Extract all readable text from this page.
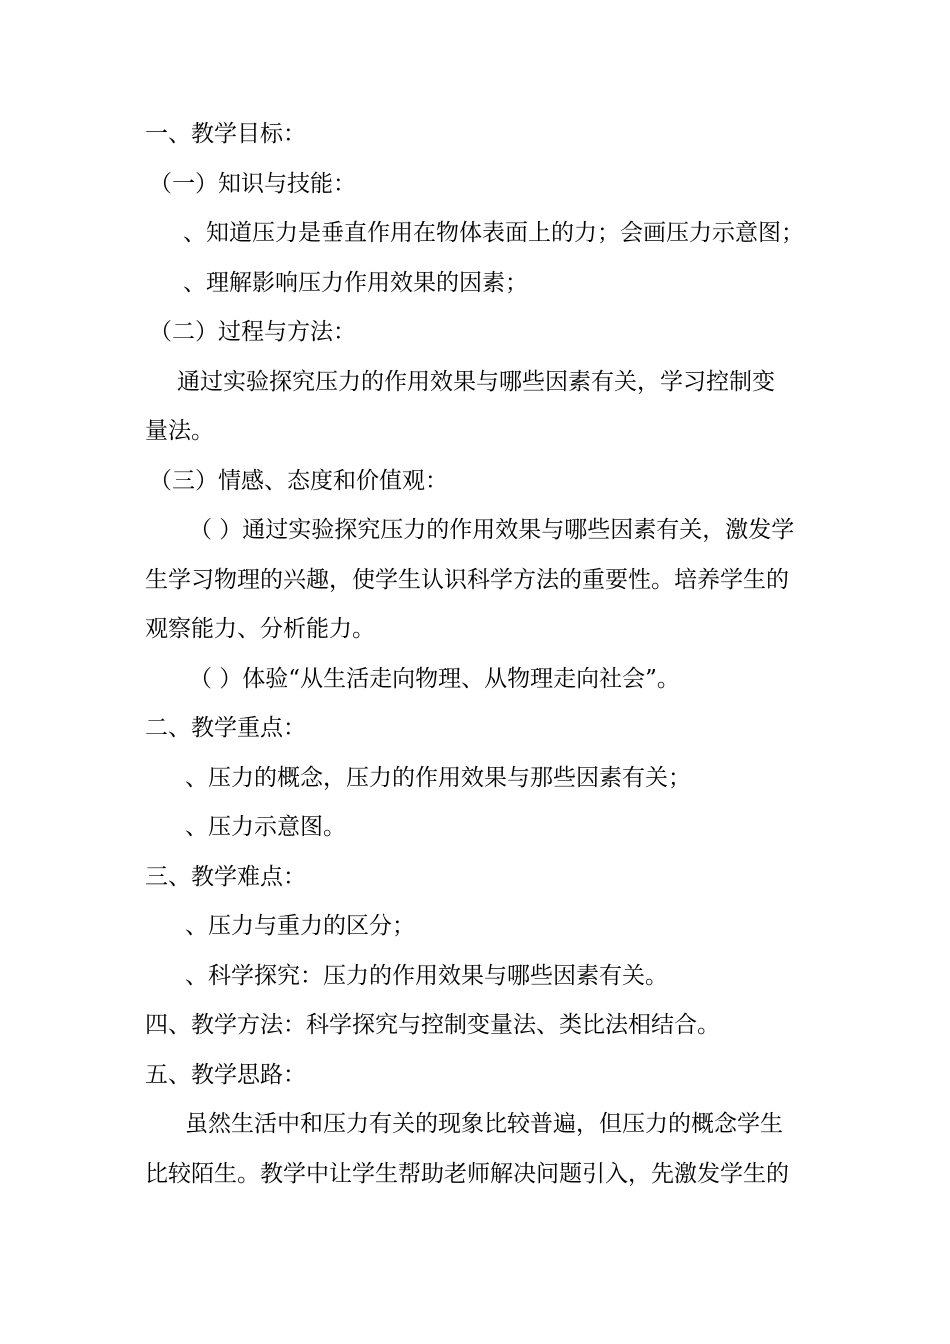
一、教学目标：
（一）知识与技能：
、知道压力是垂直作用在物体表面上的力；会画压力示意图；
、理解影响压力作用效果的因素；
（二）过程与方法：
通过实验探究压力的作用效果与哪些因素有关，学习控制变
量法。
（三）情感、态度和价值观：
（ ）通过实验探究压力的作用效果与哪些因素有关，激发学
生学习物理的兴趣，使学生认识科学方法的重要性。培养学生的
观察能力、分析能力。
（ ）体验“从生活走向物理、从物理走向社会”。
二、教学重点：
、压力的概念，压力的作用效果与那些因素有关；
、压力示意图。
三、教学难点：
、压力与重力的区分；
、科学探究：压力的作用效果与哪些因素有关。
四、教学方法：科学探究与控制变量法、类比法相结合。
五、教学思路：
虽然生活中和压力有关的现象比较普遍，但压力的概念学生
比较陌生。教学中让学生帮助老师解决问题引入，先激发学生的
